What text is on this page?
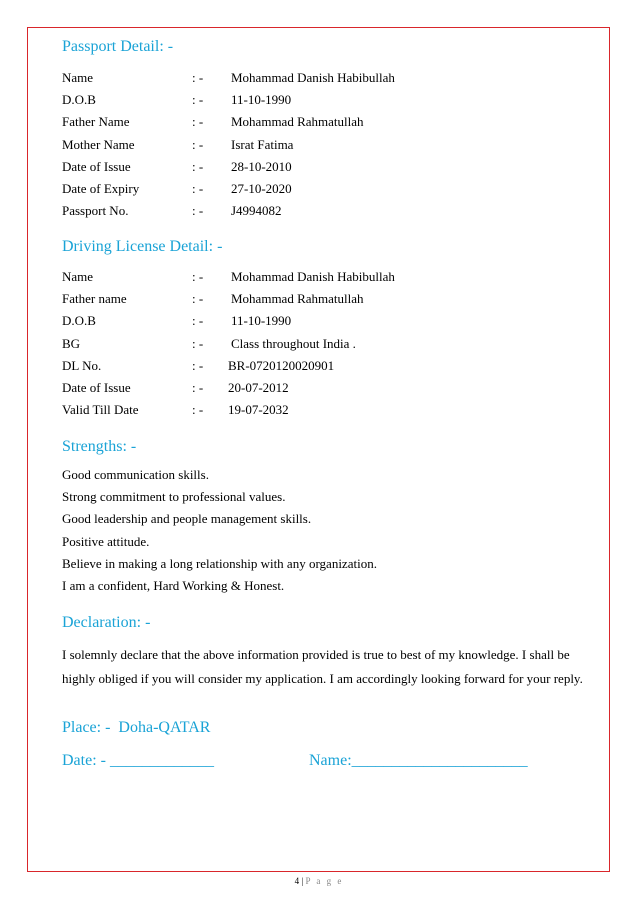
Passport Detail: -
Name	: - Mohammad Danish Habibullah
D.O.B	: - 11-10-1990
Father Name	: - Mohammad Rahmatullah
Mother Name	: - Israt Fatima
Date of Issue	: - 28-10-2010
Date of Expiry	: - 27-10-2020
Passport No.	: - J4994082
Driving License Detail: -
Name	: - Mohammad Danish Habibullah
Father name	: - Mohammad Rahmatullah
D.O.B	: - 11-10-1990
BG	: - Class throughout India .
DL No.	: - BR-0720120020901
Date of Issue	: - 20-07-2012
Valid Till Date	: - 19-07-2032
Strengths: -
Good communication skills.
Strong commitment to professional values.
Good leadership and people management skills.
Positive attitude.
Believe in making a long relationship with any organization.
I am a confident, Hard Working & Honest.
Declaration: -
I solemnly declare that the above information provided is true to best of my knowledge. I shall be highly obliged if you will consider my application. I am accordingly looking forward for your reply.
Place: - Doha-QATAR
Date: - _____________	Name:______________________
4 | P a g e
